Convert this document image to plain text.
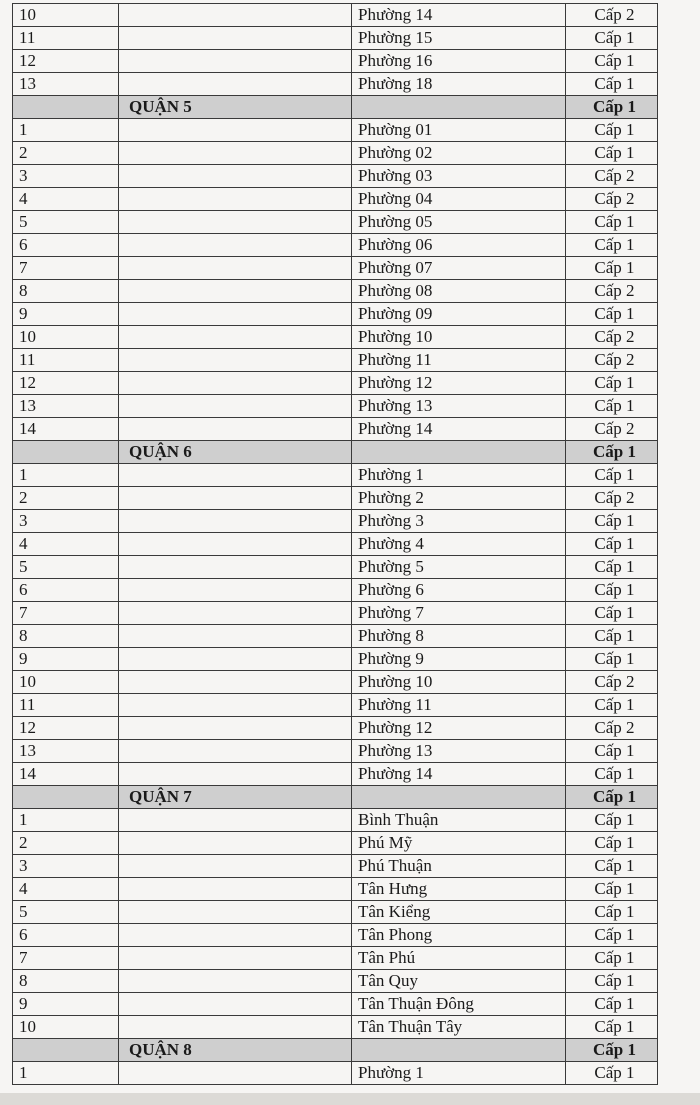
10		Phường 14	Cấp 2
11		Phường 15	Cấp 1
12		Phường 16	Cấp 1
13		Phường 18	Cấp 1
	QUẬN 5		Cấp 1
1		Phường 01	Cấp 1
2		Phường 02	Cấp 1
3		Phường 03	Cấp 2
4		Phường 04	Cấp 2
5		Phường 05	Cấp 1
6		Phường 06	Cấp 1
7		Phường 07	Cấp 1
8		Phường 08	Cấp 2
9		Phường 09	Cấp 1
10		Phường 10	Cấp 2
11		Phường 11	Cấp 2
12		Phường 12	Cấp 1
13		Phường 13	Cấp 1
14		Phường 14	Cấp 2
	QUẬN 6		Cấp 1
1		Phường 1	Cấp 1
2		Phường 2	Cấp 2
3		Phường 3	Cấp 1
4		Phường 4	Cấp 1
5		Phường 5	Cấp 1
6		Phường 6	Cấp 1
7		Phường 7	Cấp 1
8		Phường 8	Cấp 1
9		Phường 9	Cấp 1
10		Phường 10	Cấp 2
11		Phường 11	Cấp 1
12		Phường 12	Cấp 2
13		Phường 13	Cấp 1
14		Phường 14	Cấp 1
	QUẬN 7		Cấp 1
1		Bình Thuận	Cấp 1
2		Phú Mỹ	Cấp 1
3		Phú Thuận	Cấp 1
4		Tân Hưng	Cấp 1
5		Tân Kiểng	Cấp 1
6		Tân Phong	Cấp 1
7		Tân Phú	Cấp 1
8		Tân Quy	Cấp 1
9		Tân Thuận Đông	Cấp 1
10		Tân Thuận Tây	Cấp 1
	QUẬN 8		Cấp 1
1		Phường 1	Cấp 1
